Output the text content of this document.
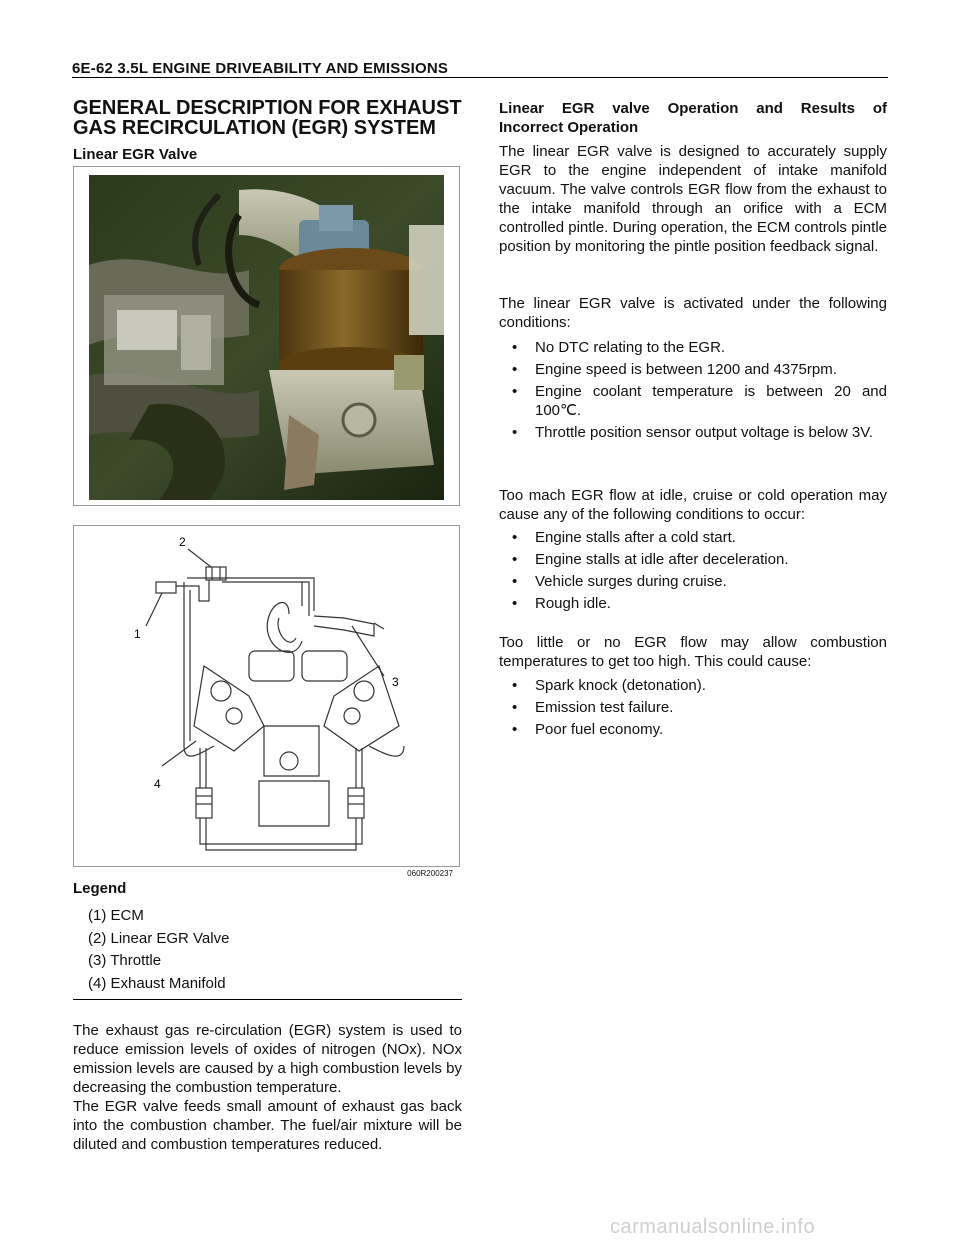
6E-62 3.5L ENGINE DRIVEABILITY AND EMISSIONS
GENERAL DESCRIPTION FOR EXHAUST GAS RECIRCULATION (EGR) SYSTEM
Linear EGR Valve
2
1
3
4
060R200237
Legend
(1) ECM
(2) Linear EGR Valve
(3) Throttle
(4) Exhaust Manifold

The exhaust gas re-circulation (EGR) system is used to reduce emission levels of oxides of nitrogen (NOx). NOx emission levels are caused by a high combustion levels by decreasing the combustion temperature.

The EGR valve feeds small amount of exhaust gas back into the combustion chamber. The fuel/air mixture will be diluted and combustion temperatures reduced.

Linear EGR valve Operation and Results of
Incorrect Operation

The linear EGR valve is designed to accurately supply EGR to the engine independent of intake manifold vacuum. The valve controls EGR flow from the exhaust to the intake manifold through an orifice with a ECM controlled pintle. During operation, the ECM controls pintle position by monitoring the pintle position feedback signal.

The linear EGR valve is activated under the following conditions:

• No DTC relating to the EGR.
• Engine speed is between 1200 and 4375rpm.
• Engine coolant temperature is between 20 and 100℃.
• Throttle position sensor output voltage is below 3V.

Too mach EGR flow at idle, cruise or cold operation may cause any of the following conditions to occur:

• Engine stalls after a cold start.
• Engine stalls at idle after deceleration.
• Vehicle surges during cruise.
• Rough idle.

Too little or no EGR flow may allow combustion temperatures to get too high. This could cause:

• Spark knock (detonation).
• Emission test failure.
• Poor fuel economy.
carmanualsonline.info
